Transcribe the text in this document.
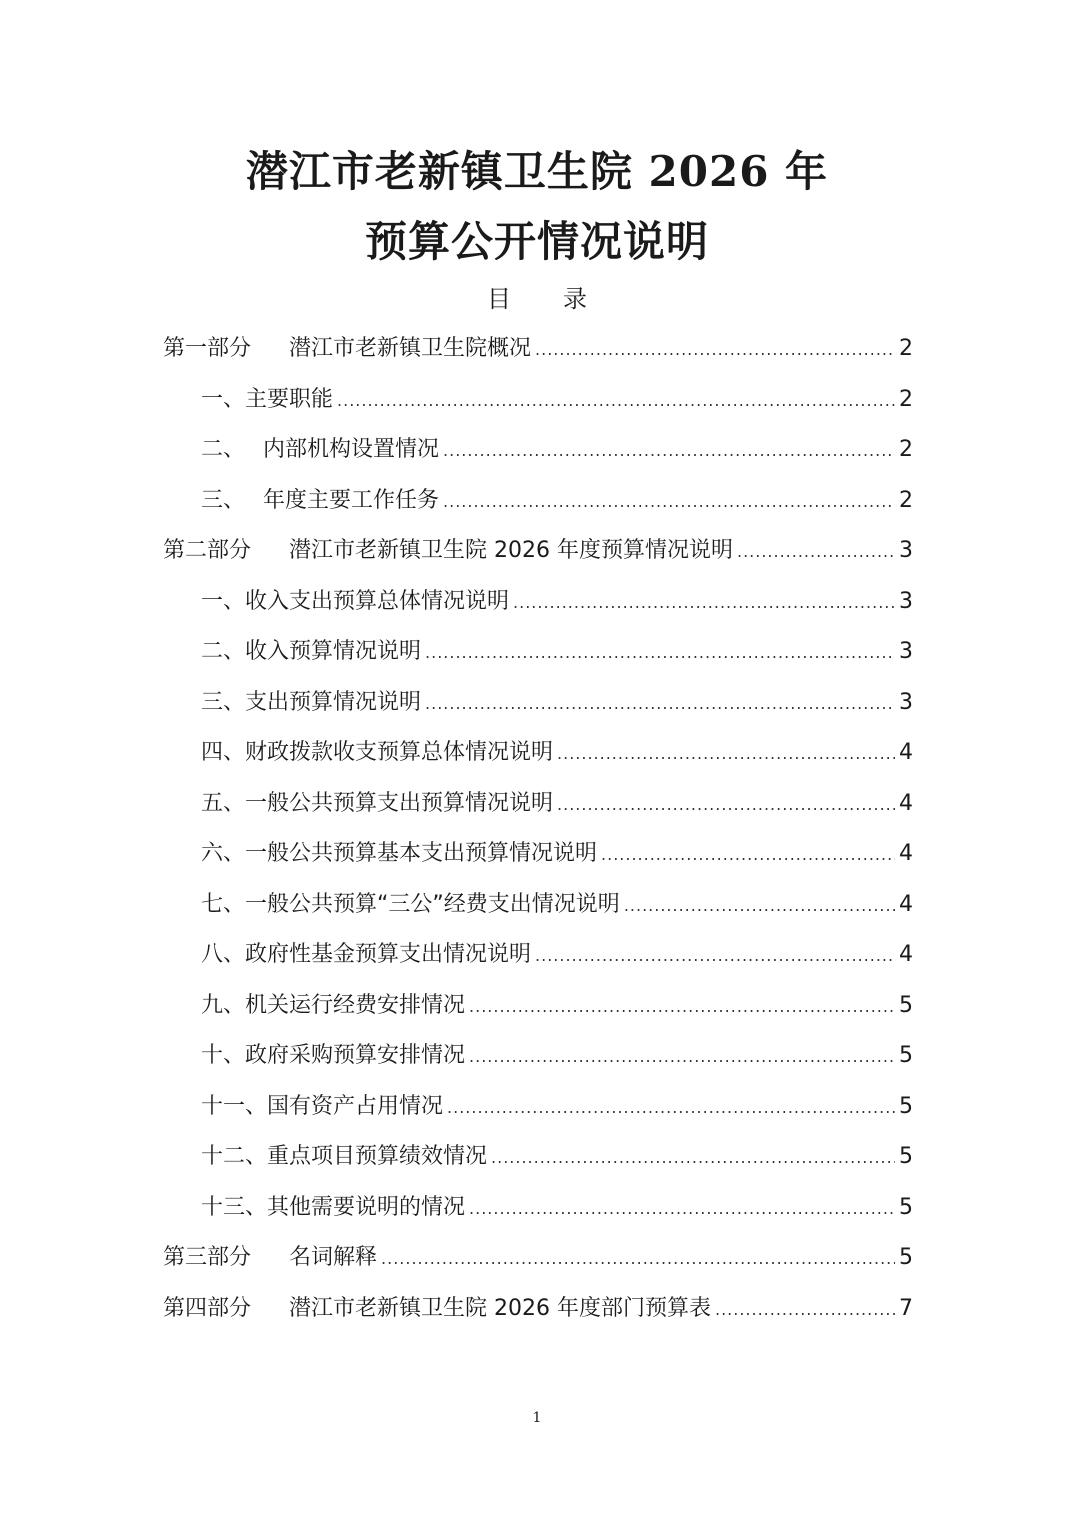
潜江市老新镇卫生院 2026 年
预算公开情况说明
目 录
第一部分	潜江市老新镇卫生院概况 .....	2
一、 主要职能 .....	2
二、 内部机构设置情况 .....	2
三、 年度主要工作任务 .....	2
第二部分	潜江市老新镇卫生院 2026 年度预算情况说明 .....	3
一、 收入支出预算总体情况说明 .....	3
二、 收入预算情况说明 .....	3
三、 支出预算情况说明 .....	3
四、 财政拨款收支预算总体情况说明 .....	4
五、 一般公共预算支出预算情况说明 .....	4
六、 一般公共预算基本支出预算情况说明 .....	4
七、 一般公共预算“三公”经费支出情况说明 .....	4
八、 政府性基金预算支出情况说明 .....	4
九、 机关运行经费安排情况 .....	5
十、 政府采购预算安排情况 .....	5
十一、 国有资产占用情况 .....	5
十二、 重点项目预算绩效情况 .....	5
十三、 其他需要说明的情况 .....	5
第三部分	名词解释 .....	5
第四部分	潜江市老新镇卫生院 2026 年度部门预算表 .....	7
1
